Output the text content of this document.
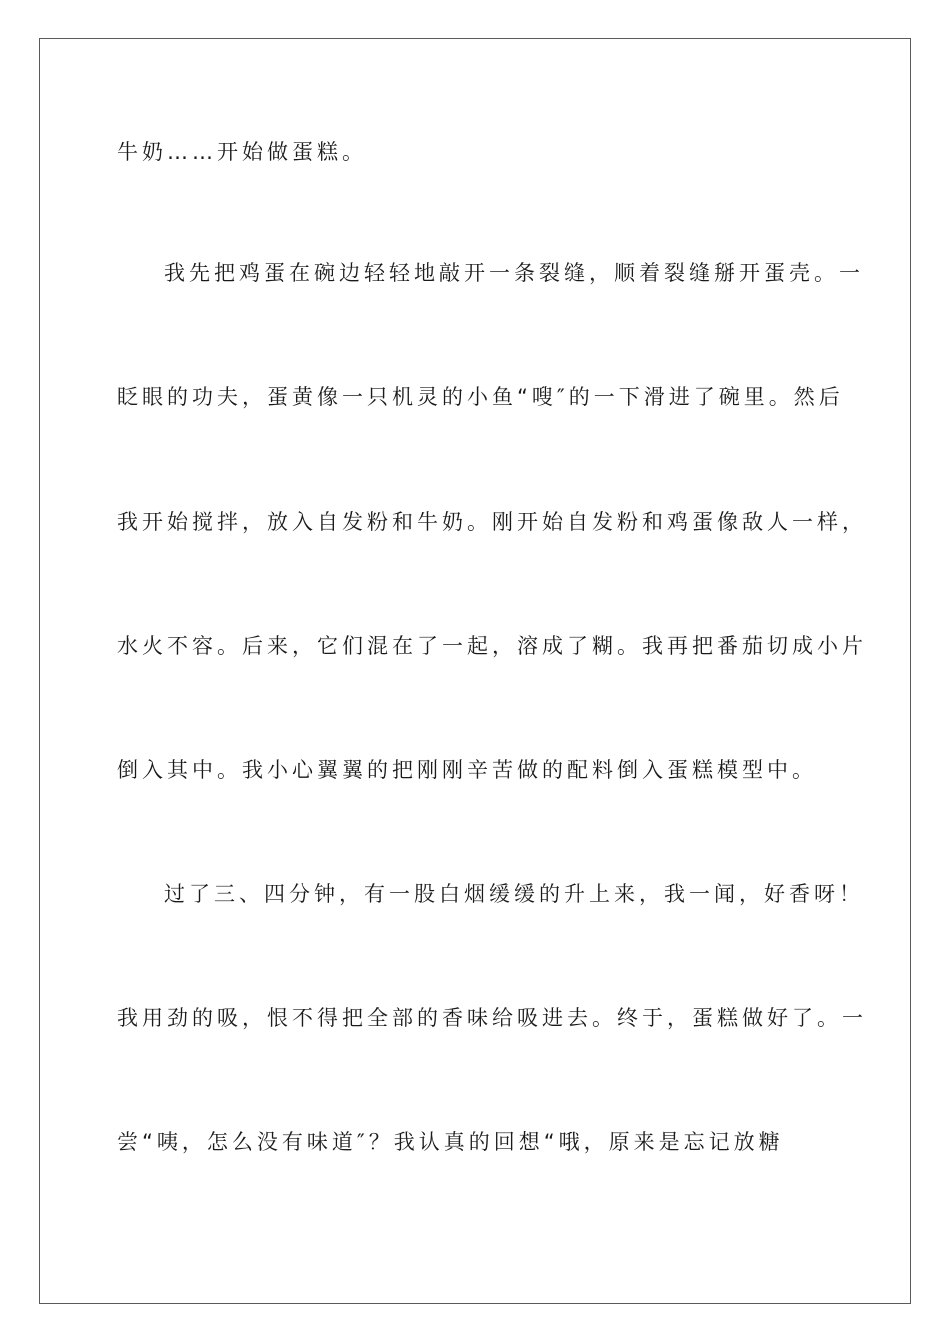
牛奶……开始做蛋糕。
我先把鸡蛋在碗边轻轻地敲开一条裂缝，顺着裂缝掰开蛋壳。一
眨眼的功夫，蛋黄像一只机灵的小鱼“嗖″的一下滑进了碗里。然后
我开始搅拌，放入自发粉和牛奶。刚开始自发粉和鸡蛋像敌人一样，
水火不容。后来，它们混在了一起，溶成了糊。我再把番茄切成小片
倒入其中。我小心翼翼的把刚刚辛苦做的配料倒入蛋糕模型中。
过了三、四分钟，有一股白烟缓缓的升上来，我一闻，好香呀！
我用劲的吸，恨不得把全部的香味给吸进去。终于，蛋糕做好了。一
尝“咦，怎么没有味道″？我认真的回想“哦，原来是忘记放糖
